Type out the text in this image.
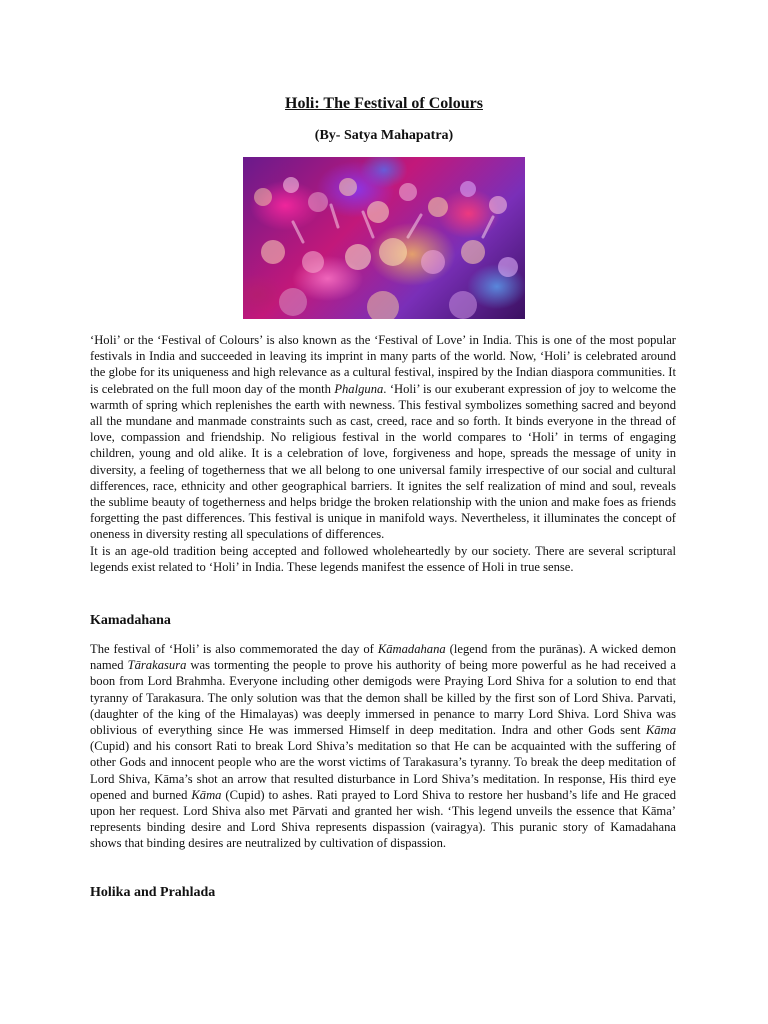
Holi: The Festival of Colours
(By- Satya Mahapatra)

‘Holi’ or the ‘Festival of Colours’ is also known as the ‘Festival of Love’ in India. This is one of the most popular festivals in India and succeeded in leaving its imprint in many parts of the world. Now, ‘Holi’ is celebrated around the globe for its uniqueness and high relevance as a cultural festival, inspired by the Indian diaspora communities. It is celebrated on the full moon day of the month Phalguna. ‘Holi’ is our exuberant expression of joy to welcome the warmth of spring which replenishes the earth with newness. This festival symbolizes something sacred and beyond all the mundane and manmade constraints such as cast, creed, race and so forth. It binds everyone in the thread of love, compassion and friendship. No religious festival in the world compares to ‘Holi’ in terms of engaging children, young and old alike. It is a celebration of love, forgiveness and hope, spreads the message of unity in diversity, a feeling of togetherness that we all belong to one universal family irrespective of our social and cultural differences, race, ethnicity and other geographical barriers. It ignites the self realization of mind and soul, reveals the sublime beauty of togetherness and helps bridge the broken relationship with the union and make foes as friends forgetting the past differences. This festival is unique in manifold ways. Nevertheless, it illuminates the concept of oneness in diversity resting all speculations of differences.

It is an age-old tradition being accepted and followed wholeheartedly by our society. There are several scriptural legends exist related to ‘Holi’ in India. These legends manifest the essence of Holi in true sense.

Kamadahana

The festival of ‘Holi’ is also commemorated the day of Kāmadahana (legend from the purānas). A wicked demon named Tārakasura was tormenting the people to prove his authority of being more powerful as he had received a boon from Lord Brahmha. Everyone including other demigods were Praying Lord Shiva for a solution to end that tyranny of Tarakasura. The only solution was that the demon shall be killed by the first son of Lord Shiva. Parvati, (daughter of the king of the Himalayas) was deeply immersed in penance to marry Lord Shiva. Lord Shiva was oblivious of everything since He was immersed Himself in deep meditation. Indra and other Gods sent Kāma (Cupid) and his consort Rati to break Lord Shiva’s meditation so that He can be acquainted with the suffering of other Gods and innocent people who are the worst victims of Tarakasura’s tyranny. To break the deep meditation of Lord Shiva, Kāma’s shot an arrow that resulted disturbance in Lord Shiva’s meditation. In response, His third eye opened and burned Kāma (Cupid) to ashes. Rati prayed to Lord Shiva to restore her husband’s life and He graced upon her request. Lord Shiva also met Pārvati and granted her wish. ‘This legend unveils the essence that Kāma’ represents binding desire and Lord Shiva represents dispassion (vairagya). This puranic story of Kamadahana shows that binding desires are neutralized by cultivation of dispassion.

Holika and Prahlada
